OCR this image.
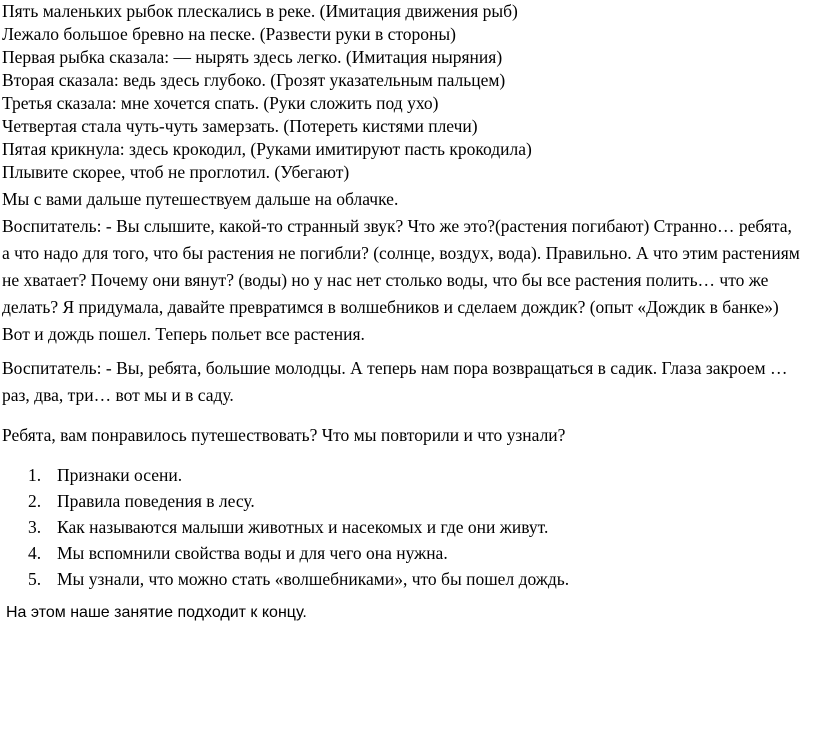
Пять маленьких рыбок плескались в реке. (Имитация движения рыб)

Лежало большое бревно на песке. (Развести руки в стороны)

Первая рыбка сказала: — нырять здесь легко. (Имитация ныряния)

Вторая сказала: ведь здесь глубоко. (Грозят указательным пальцем)

Третья сказала: мне хочется спать. (Руки сложить под ухо)

Четвертая стала чуть-чуть замерзать. (Потереть кистями плечи)

Пятая крикнула: здесь крокодил, (Руками имитируют пасть крокодила)

Плывите скорее, чтоб не проглотил. (Убегают)

Мы с вами дальше путешествуем дальше на облачке.
Воспитатель: - Вы слышите, какой-то странный звук? Что же это?(растения погибают) Странно… ребята, а что надо для того, что бы растения не погибли? (солнце, воздух, вода). Правильно. А что этим растениям не хватает? Почему они вянут? (воды) но у нас нет столько воды, что бы все растения полить… что же делать? Я придумала, давайте превратимся в волшебников и сделаем дождик? (опыт «Дождик в банке») Вот и дождь пошел. Теперь польет все растения.
Воспитатель: - Вы, ребята, большие молодцы. А теперь нам пора возвращаться в садик. Глаза закроем … раз, два, три… вот мы и в саду.
Ребята, вам понравилось путешествовать? Что мы повторили и что узнали?
1. Признаки осени.
2. Правила поведения в лесу.
3. Как называются малыши животных и насекомых и где они живут.
4. Мы вспомнили свойства воды и для чего она нужна.
5. Мы узнали, что можно стать «волшебниками», что бы пошел дождь.

На этом наше занятие подходит к концу.
